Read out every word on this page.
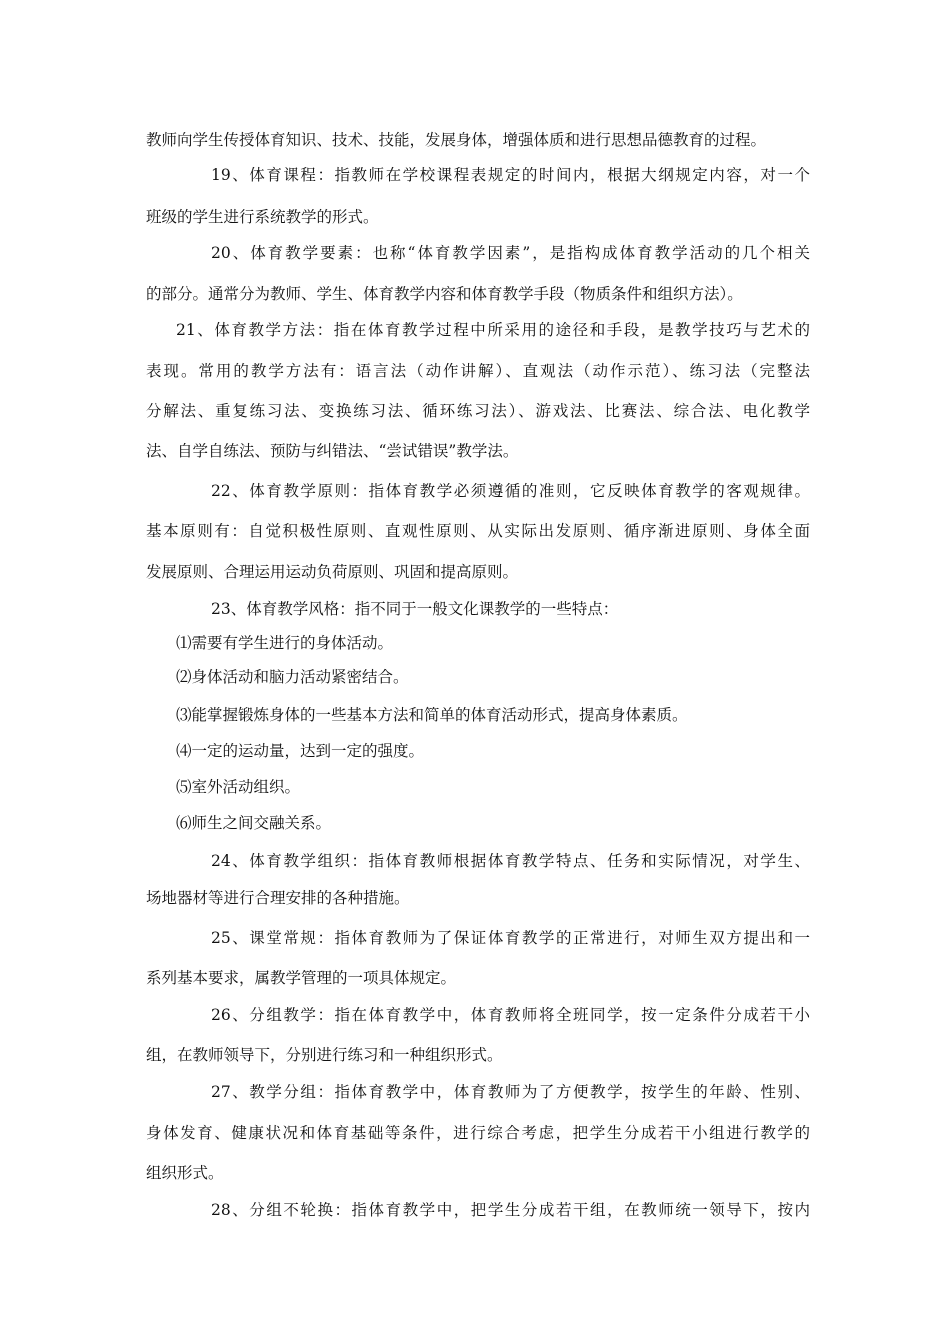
教师向学生传授体育知识、技术、技能，发展身体，增强体质和进行思想品德教育的过程。
19、体育课程：指教师在学校课程表规定的时间内，根据大纲规定内容，对一个
班级的学生进行系统教学的形式。
20、体育教学要素：也称“体育教学因素”，是指构成体育教学活动的几个相关
的部分。通常分为教师、学生、体育教学内容和体育教学手段（物质条件和组织方法）。
21、体育教学方法：指在体育教学过程中所采用的途径和手段，是教学技巧与艺术的
表现。常用的教学方法有：语言法（动作讲解）、直观法（动作示范）、练习法（完整法
分解法、重复练习法、变换练习法、循环练习法）、游戏法、比赛法、综合法、电化教学
法、自学自练法、预防与纠错法、“尝试错误”教学法。
22、体育教学原则：指体育教学必须遵循的准则，它反映体育教学的客观规律。
基本原则有：自觉积极性原则、直观性原则、从实际出发原则、循序渐进原则、身体全面
发展原则、合理运用运动负荷原则、巩固和提高原则。
23、体育教学风格：指不同于一般文化课教学的一些特点：
⑴需要有学生进行的身体活动。
⑵身体活动和脑力活动紧密结合。
⑶能掌握锻炼身体的一些基本方法和简单的体育活动形式，提高身体素质。
⑷一定的运动量，达到一定的强度。
⑸室外活动组织。
⑹师生之间交融关系。
24、体育教学组织：指体育教师根据体育教学特点、任务和实际情况，对学生、
场地器材等进行合理安排的各种措施。
25、课堂常规：指体育教师为了保证体育教学的正常进行，对师生双方提出和一
系列基本要求，属教学管理的一项具体规定。
26、分组教学：指在体育教学中，体育教师将全班同学，按一定条件分成若干小
组，在教师领导下，分别进行练习和一种组织形式。
27、教学分组：指体育教学中，体育教师为了方便教学，按学生的年龄、性别、
身体发育、健康状况和体育基础等条件，进行综合考虑，把学生分成若干小组进行教学的
组织形式。
28、分组不轮换：指体育教学中，把学生分成若干组，在教师统一领导下，按内
